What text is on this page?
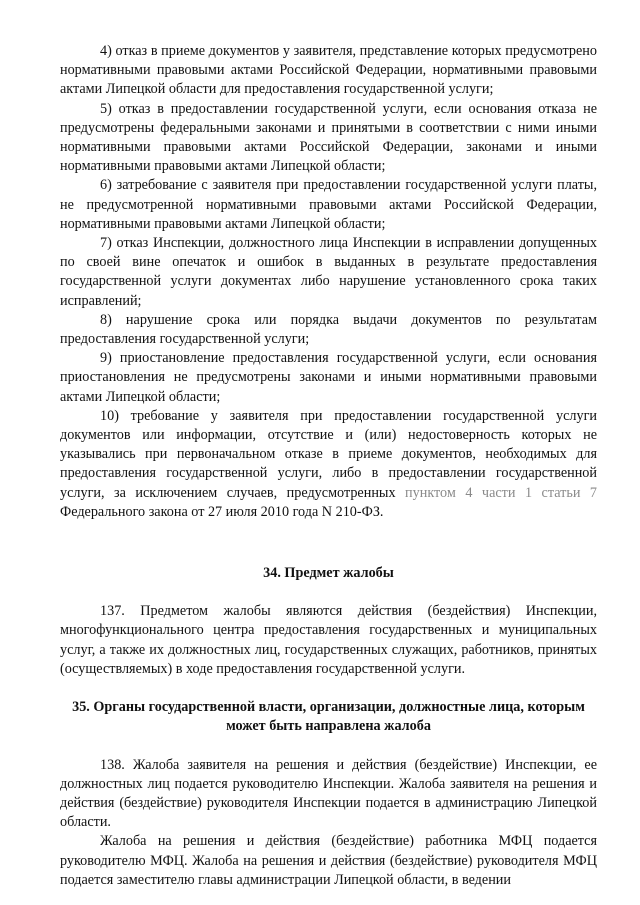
4) отказ в приеме документов у заявителя, представление которых предусмотрено нормативными правовыми актами Российской Федерации, нормативными правовыми актами Липецкой области для предоставления государственной услуги;

5) отказ в предоставлении государственной услуги, если основания отказа не предусмотрены федеральными законами и принятыми в соответствии с ними иными нормативными правовыми актами Российской Федерации, законами и иными нормативными правовыми актами Липецкой области;

6) затребование с заявителя при предоставлении государственной услуги платы, не предусмотренной нормативными правовыми актами Российской Федерации, нормативными правовыми актами Липецкой области;

7) отказ Инспекции, должностного лица Инспекции в исправлении допущенных по своей вине опечаток и ошибок в выданных в результате предоставления государственной услуги документах либо нарушение установленного срока таких исправлений;

8) нарушение срока или порядка выдачи документов по результатам предоставления государственной услуги;

9) приостановление предоставления государственной услуги, если основания приостановления не предусмотрены законами и иными нормативными правовыми актами Липецкой области;

10) требование у заявителя при предоставлении государственной услуги документов или информации, отсутствие и (или) недостоверность которых не указывались при первоначальном отказе в приеме документов, необходимых для предоставления государственной услуги, либо в предоставлении государственной услуги, за исключением случаев, предусмотренных пунктом 4 части 1 статьи 7 Федерального закона от 27 июля 2010 года N 210-ФЗ.

34. Предмет жалобы

137. Предметом жалобы являются действия (бездействия) Инспекции, многофункционального центра предоставления государственных и муниципальных услуг, а также их должностных лиц, государственных служащих, работников, принятых (осуществляемых) в ходе предоставления государственной услуги.

35. Органы государственной власти, организации, должностные лица, которым может быть направлена жалоба

138. Жалоба заявителя на решения и действия (бездействие) Инспекции, ее должностных лиц подается руководителю Инспекции. Жалоба заявителя на решения и действия (бездействие) руководителя Инспекции подается в администрацию Липецкой области.

Жалоба на решения и действия (бездействие) работника МФЦ подается руководителю МФЦ. Жалоба на решения и действия (бездействие) руководителя МФЦ подается заместителю главы администрации Липецкой области, в ведении
